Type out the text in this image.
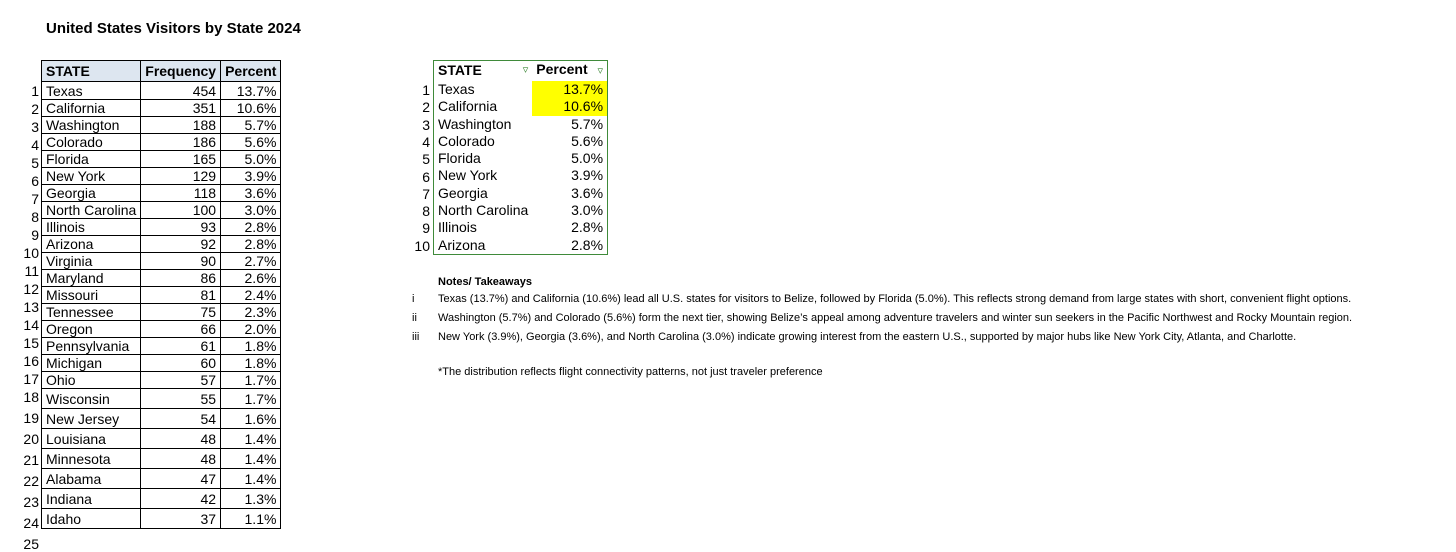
United States Visitors by State 2024
1
2
3
4
5
6
7
8
9
10
11
12
13
14
15
16
17
18
19
20
21
22
23
24
25
STATE	Frequency	Percent
Texas	454	13.7%
California	351	10.6%
Washington	188	5.7%
Colorado	186	5.6%
Florida	165	5.0%
New York	129	3.9%
Georgia	118	3.6%
North Carolina	100	3.0%
Illinois	93	2.8%
Arizona	92	2.8%
Virginia	90	2.7%
Maryland	86	2.6%
Missouri	81	2.4%
Tennessee	75	2.3%
Oregon	66	2.0%
Pennsylvania	61	1.8%
Michigan	60	1.8%
Ohio	57	1.7%
Wisconsin	55	1.7%
New Jersey	54	1.6%
Louisiana	48	1.4%
Minnesota	48	1.4%
Alabama	47	1.4%
Indiana	42	1.3%
Idaho	37	1.1%
1
2
3
4
5
6
7
8
9
10
STATE ▿︎	Percent ▿︎
Texas	13.7%
California	10.6%
Washington	5.7%
Colorado	5.6%
Florida	5.0%
New York	3.9%
Georgia	3.6%
North Carolina	3.0%
Illinois	2.8%
Arizona	2.8%
Notes/ Takeaways
i	Texas (13.7%) and California (10.6%) lead all U.S. states for visitors to Belize, followed by Florida (5.0%). This reflects strong demand from large states with short, convenient flight options.
ii	Washington (5.7%) and Colorado (5.6%) form the next tier, showing Belize’s appeal among adventure travelers and winter sun seekers in the Pacific Northwest and Rocky Mountain region.
iii	New York (3.9%), Georgia (3.6%), and North Carolina (3.0%) indicate growing interest from the eastern U.S., supported by major hubs like New York City, Atlanta, and Charlotte.
*The distribution reflects flight connectivity patterns, not just traveler preference
